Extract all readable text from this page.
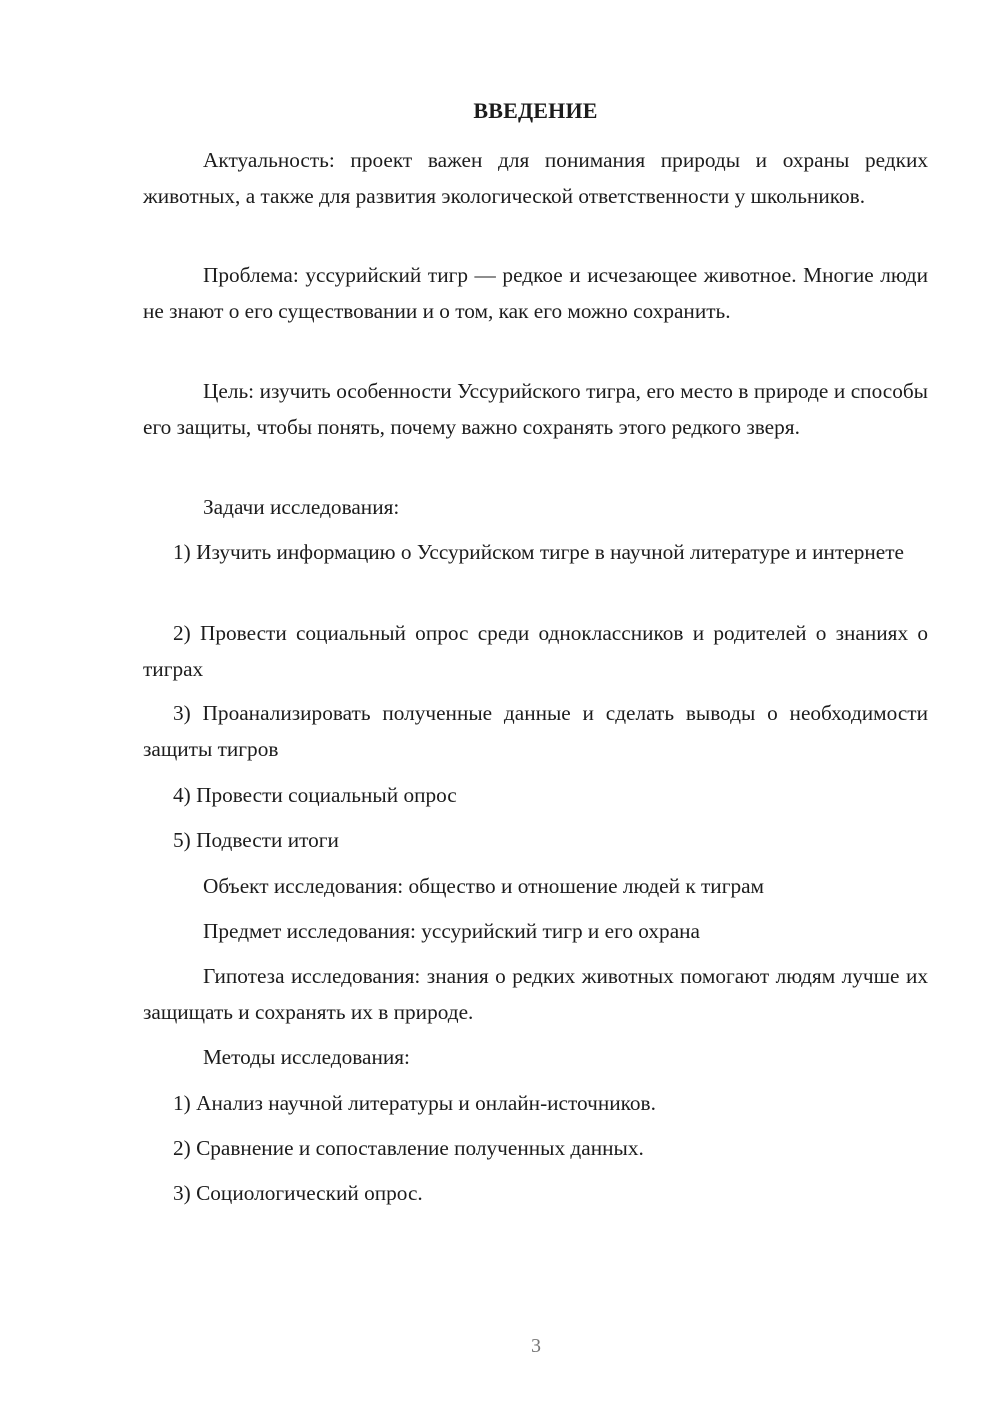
ВВЕДЕНИЕ

Актуальность: проект важен для понимания природы и охраны редких животных, а также для развития экологической ответственности у школьников.

Проблема: уссурийский тигр — редкое и исчезающее животное. Многие люди не знают о его существовании и о том, как его можно сохранить.

Цель: изучить особенности Уссурийского тигра, его место в природе и способы его защиты, чтобы понять, почему важно сохранять этого редкого зверя.

Задачи исследования:

1) Изучить информацию о Уссурийском тигре в научной литературе и интернете

2) Провести социальный опрос среди одноклассников и родителей о знаниях о тиграх

3) Проанализировать полученные данные и сделать выводы о необходимости защиты тигров

4) Провести социальный опрос
5) Подвести итоги
Объект исследования: общество и отношение людей к тиграм
Предмет исследования: уссурийский тигр и его охрана

Гипотеза исследования: знания о редких животных помогают людям лучше их защищать и сохранять их в природе.

Методы исследования:
1) Анализ научной литературы и онлайн-источников.
2) Сравнение и сопоставление полученных данных.
3) Социологический опрос.
3
